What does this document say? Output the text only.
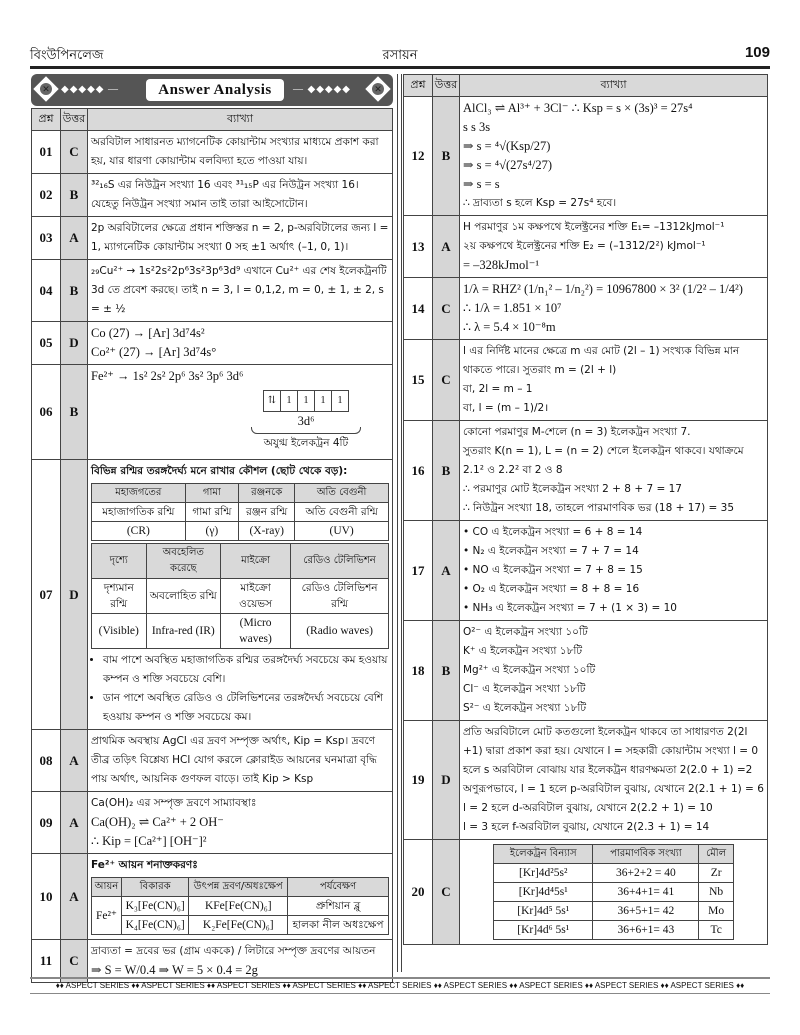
বিংউপিনলেজ	রসায়ন	109
✕ ◆◆◆◆◆ —	Answer Analysis	— ◆◆◆◆◆	✕
প্রশ্ন	উত্তর	ব্যাখ্যা
01	C	
অরবিটাল সাধারনত ম্যাগনেটিক কোয়ান্টাম সংখ্যার মাধ্যমে প্রকাশ করা হয়, যার ধারণা কোয়ান্টাম বলবিদ্যা হতে পাওয়া যায়।

02	B	
³²₁₆S এর নিউট্রন সংখ্যা 16 এবং ³¹₁₅P এর নিউট্রন সংখ্যা 16। যেহেতু নিউট্রন সংখ্যা সমান তাই তারা আইসোটোন।

03	A	
2p অরবিটালের ক্ষেত্রে প্রধান শক্তিস্তর n = 2, p-অরবিটালের জন্য l = 1, ম্যাগনেটিক কোয়ান্টাম সংখ্যা 0 সহ ±1 অর্থাৎ (–1, 0, 1)।

04	B	
₂₉Cu²⁺ → 1s²2s²2p⁶3s²3p⁶3d⁹ এখানে Cu²⁺ এর শেষ ইলেকট্রনটি 3d তে প্রবেশ করছে। তাই n = 3, l = 0,1,2, m = 0, ± 1, ± 2, s = ± ½

05	D	
Co (27) → [Ar] 3d⁷4s²
Co²⁺ (27) → [Ar] 3d⁷4s°

06	B	
Fe²⁺ → 1s² 2s² 2p⁶ 3s² 3p⁶ 3d⁶
⇅	1	1	1	1
3d⁶
অযুগ্ম ইলেকট্রন 4টি

07	D	
বিভিন্ন রশ্মির তরঙ্গদৈর্ঘ্য মনে রাখার কৌশল (ছোট থেকে বড়):
মহাজগতের	গামা	রঞ্জনকে	অতি বেগুনী
মহাজাগতিক রশ্মি	গামা রশ্মি	রঞ্জন রশ্মি	অতি বেগুনী রশ্মি
(CR)	(γ)	(X-ray)	(UV)
দৃশ্যে	অবহেলিত করেছে	মাইক্রো	রেডিও টেলিভিশন
দৃশ্যমান রশ্মি	অবলোহিত রশ্মি	মাইক্রো ওয়েভস	রেডিও টেলিভিশন রশ্মি
(Visible)	Infra-red (IR)	(Micro waves)	(Radio waves)
• বাম পাশে অবস্থিত মহাজাগতিক রশ্মির তরঙ্গদৈর্ঘ্য সবচেয়ে কম হওয়ায় কম্পন ও শক্তি সবচেয়ে বেশি।
• ডান পাশে অবস্থিত রেডিও ও টেলিভিশনের তরঙ্গদৈর্ঘ্য সবচেয়ে বেশি হওয়ায় কম্পন ও শক্তি সবচেয়ে কম।

08	A	
প্রাথমিক অবস্থায় AgCl এর দ্রবণ সম্পৃক্ত অর্থাৎ, Kip = Ksp। দ্রবণে তীব্র তড়িৎ বিশ্লেষ্য HCl যোগ করলে ক্লোরাইড আয়নের ঘনমাত্রা বৃদ্ধি পায় অর্থাৎ, আয়নিক গুণফল বাড়ে। তাই Kip > Ksp

09	A	
Ca(OH)₂ এর সম্পৃক্ত দ্রবণে সাম্যাবস্থাঃ
Ca(OH)₂ ⇌ Ca²⁺ + 2 OH⁻
∴ Kip = [Ca²⁺] [OH⁻]²

10	A	
Fe²⁺ আয়ন শনাক্তকরণঃ
আয়ন	বিকারক	উৎপন্ন দ্রবণ/অধঃক্ষেপ	পর্যবেক্ষণ
Fe²⁺	K₃[Fe(CN)₆]	KFe[Fe(CN)₆]	প্রুশিয়ান ব্লু
K₄[Fe(CN)₆]	K₂Fe[Fe(CN)₆]	হালকা নীল অধঃক্ষেপ

11	C	
দ্রাব্যতা = দ্রবের ভর (গ্রাম এককে) / লিটারে সম্পৃক্ত দ্রবণের আয়তন
⇒ S = W/0.4 ⇒ W = 5 × 0.4 = 2g
প্রশ্ন	উত্তর	ব্যাখ্যা
12	B	
AlCl₃ ⇌ Al³⁺ + 3Cl⁻ ∴ Ksp = s × (3s)³ = 27s⁴
s s 3s
⇒ s = ⁴√(Ksp/27)
⇒ s = ⁴√(27s⁴/27)
⇒ s = s
∴ দ্রাব্যতা s হলে Ksp = 27s⁴ হবে।

13	A	
H পরমাণুর ১ম কক্ষপথে ইলেক্ট্রনের শক্তি E₁= –1312kJmol⁻¹
২য় কক্ষপথে ইলেক্ট্রনের শক্তি E₂ = (–1312/2²) kJmol⁻¹
= –328kJmol⁻¹

14	C	
1/λ = RHZ² (1/n₁² – 1/n₂²) = 10967800 × 3² (1/2² – 1/4²)
∴ 1/λ = 1.851 × 10⁷
∴ λ = 5.4 × 10⁻⁸m

15	C	
l এর নির্দিষ্ট মানের ক্ষেত্রে m এর মোট (2l – 1) সংখ্যক বিভিন্ন মান থাকতে পারে। সুতরাং m = (2l + l)
বা, 2l = m – 1
বা, l = (m – 1)/2।

16	B	
কোনো পরমাণুর M-শেলে (n = 3) ইলেকট্রন সংখ্যা 7.
সুতরাং K(n = 1), L = (n = 2) শেলে ইলেকট্রন থাকবে। যথাক্রমে 2.1² ও 2.2² বা 2 ও 8
∴ পরমাণুর মোট ইলেকট্রন সংখ্যা 2 + 8 + 7 = 17
∴ নিউট্রন সংখ্যা 18, তাহলে পারমাণবিক ভর (18 + 17) = 35

17	A	
• CO এ ইলেকট্রন সংখ্যা = 6 + 8 = 14
• N₂ এ ইলেকট্রন সংখ্যা = 7 + 7 = 14
• NO এ ইলেকট্রন সংখ্যা = 7 + 8 = 15
• O₂ এ ইলেকট্রন সংখ্যা = 8 + 8 = 16
• NH₃ এ ইলেকট্রন সংখ্যা = 7 + (1 × 3) = 10

18	B	
O²⁻ এ ইলেকট্রন সংখ্যা ১০টি
K⁺ এ ইলেকট্রন সংখ্যা ১৮টি
Mg²⁺ এ ইলেকট্রন সংখ্যা ১০টি
Cl⁻ এ ইলেকট্রন সংখ্যা ১৮টি
S²⁻ এ ইলেকট্রন সংখ্যা ১৮টি

19	D	
প্রতি অরবিটালে মোট কতগুলো ইলেকট্রন থাকবে তা সাধারণত 2(2l +1) দ্বারা প্রকাশ করা হয়। যেখানে l = সহকারী কোয়ান্টাম সংখ্যা l = 0 হলে s অরবিটাল বোঝায় যার ইলেকট্রন ধারণক্ষমতা 2(2.0 + 1) =2
অণুরূপভাবে, l = 1 হলে p-অরবিটাল বুঝায়, যেখানে 2(2.1 + 1) = 6
l = 2 হলে d-অরবিটাল বুঝায়, যেখানে 2(2.2 + 1) = 10
l = 3 হলে f-অরবিটাল বুঝায়, যেখানে 2(2.3 + 1) = 14

20	C	
ইলেকট্রন বিন্যাস	পারমাণবিক সংখ্যা	মৌল
[Kr]4d²5s²	36+2+2 = 40	Zr
[Kr]4d⁴5s¹	36+4+1= 41	Nb
[Kr]4d⁵ 5s¹	36+5+1= 42	Mo
[Kr]4d⁶ 5s¹	36+6+1= 43	Tc
♦♦ ASPECT SERIES ♦♦ ASPECT SERIES ♦♦ ASPECT SERIES ♦♦ ASPECT SERIES ♦♦ ASPECT SERIES ♦♦ ASPECT SERIES ♦♦ ASPECT SERIES ♦♦ ASPECT SERIES ♦♦ ASPECT SERIES ♦♦
